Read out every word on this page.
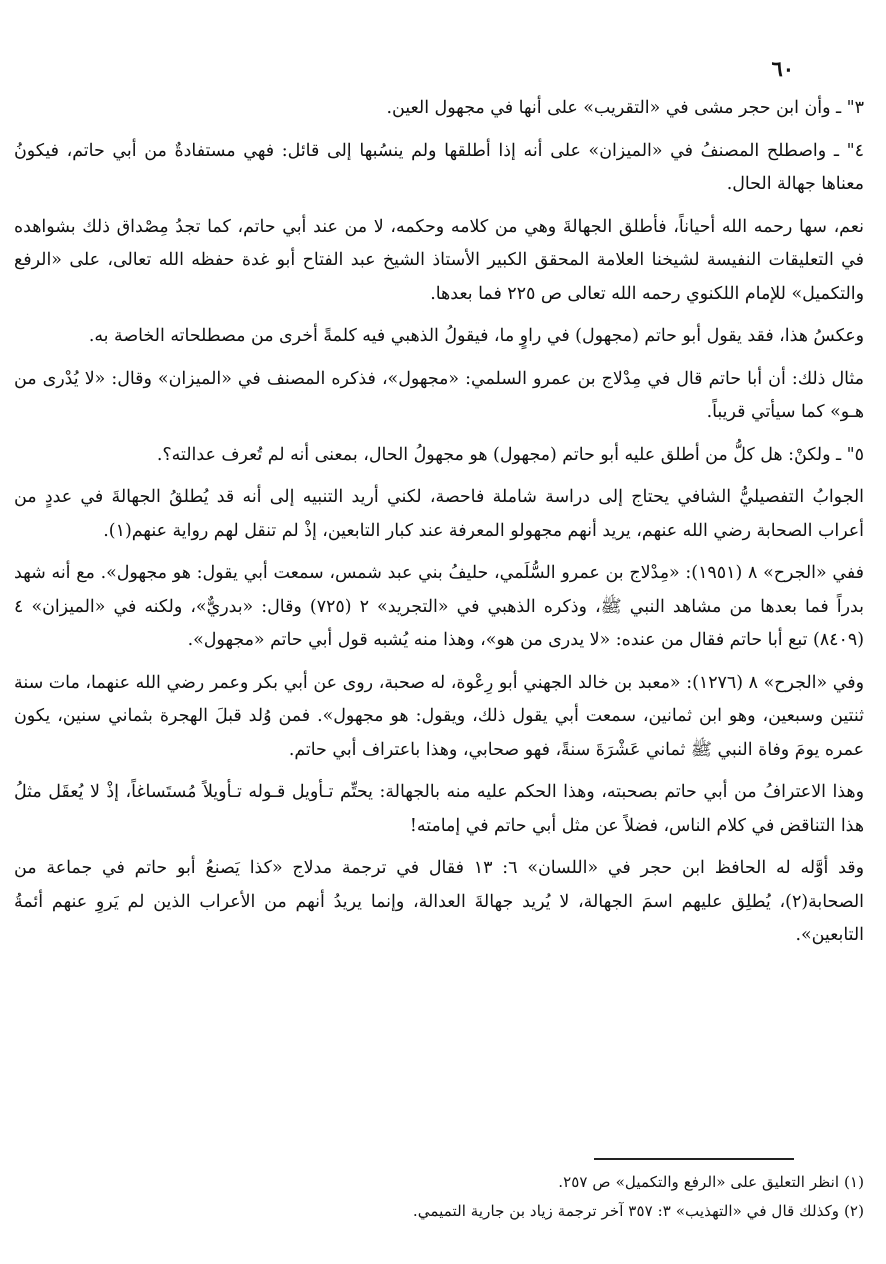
٦٠

٣" ـ وأن ابن حجر مشى في «التقريب» على أنها في مجهول العين.

٤" ـ واصطلح المصنفُ في «الميزان» على أنه إذا أطلقها ولم ينسُبها إلى قائل: فهي مستفادةٌ من أبي حاتم، فيكونُ معناها جهالة الحال.

نعم، سها رحمه الله أحياناً، فأطلق الجهالةَ وهي من كلامه وحكمه، لا من عند أبي حاتم، كما تجدُ مِصْداق ذلك بشواهده في التعليقات النفيسة لشيخنا العلامة المحقق الكبير الأستاذ الشيخ عبد الفتاح أبو غدة حفظه الله تعالى، على «الرفع والتكميل» للإمام اللكنوي رحمه الله تعالى ص ٢٢٥ فما بعدها.

وعكسُ هذا، فقد يقول أبو حاتم (مجهول) في راوٍ ما، فيقولُ الذهبي فيه كلمةً أخرى من مصطلحاته الخاصة به.

مثال ذلك: أن أبا حاتم قال في مِدْلاج بن عمرو السلمي: «مجهول»، فذكره المصنف في «الميزان» وقال: «لا يُدْرى من هـو» كما سيأتي قريباً.

٥" ـ ولكنْ: هل كلُّ من أطلق عليه أبو حاتم (مجهول) هو مجهولُ الحال، بمعنى أنه لم تُعرف عدالته؟.

الجوابُ التفصيليُّ الشافي يحتاج إلى دراسة شاملة فاحصة، لكني أريد التنبيه إلى أنه قد يُطلقُ الجهالةَ في عددٍ من أعراب الصحابة رضي الله عنهم، يريد أنهم مجهولو المعرفة عند كبار التابعين، إذْ لم تنقل لهم رواية عنهم(١).

ففي «الجرح» ٨ (١٩٥١): «مِدْلاج بن عمرو السُّلَمي، حليفُ بني عبد شمس، سمعت أبي يقول: هو مجهول». مع أنه شهد بدراً فما بعدها من مشاهد النبي ﷺ، وذكره الذهبي في «التجريد» ٢ (٧٢٥) وقال: «بدريٌّ»، ولكنه في «الميزان» ٤ (٨٤٠٩) تبع أبا حاتم فقال من عنده: «لا يدرى من هو»، وهذا منه يُشبه قول أبي حاتم «مجهول».

وفي «الجرح» ٨ (١٢٧٦): «معبد بن خالد الجهني أبو رِعْوة، له صحبة، روى عن أبي بكر وعمر رضي الله عنهما، مات سنة ثنتين وسبعين، وهو ابن ثمانين، سمعت أبي يقول ذلك، ويقول: هو مجهول». فمن وُلد قبلَ الهجرة بثماني سنين، يكون عمره يومَ وفاة النبي ﷺ ثماني عَشْرَةَ سنةً، فهو صحابي، وهذا باعتراف أبي حاتم.

وهذا الاعترافُ من أبي حاتم بصحبته، وهذا الحكم عليه منه بالجهالة: يحتِّم تـأويل قـوله تـأويلاً مُستَساغاً، إذْ لا يُعقَل مثلُ هذا التناقض في كلام الناس، فضلاً عن مثل أبي حاتم في إمامته!

وقد أوَّله له الحافظ ابن حجر في «اللسان» ٦: ١٣ فقال في ترجمة مدلاج «كذا يَصنعُ أبو حاتم في جماعة من الصحابة(٢)، يُطلِق عليهم اسمَ الجهالة، لا يُريد جهالةَ العدالة، وإنما يريدُ أنهم من الأعراب الذين لم يَروِ عنهم أئمةُ التابعين».

(١) انظر التعليق على «الرفع والتكميل» ص ٢٥٧.

(٢) وكذلك قال في «التهذيب» ٣: ٣٥٧ آخر ترجمة زياد بن جارية التميمي.
